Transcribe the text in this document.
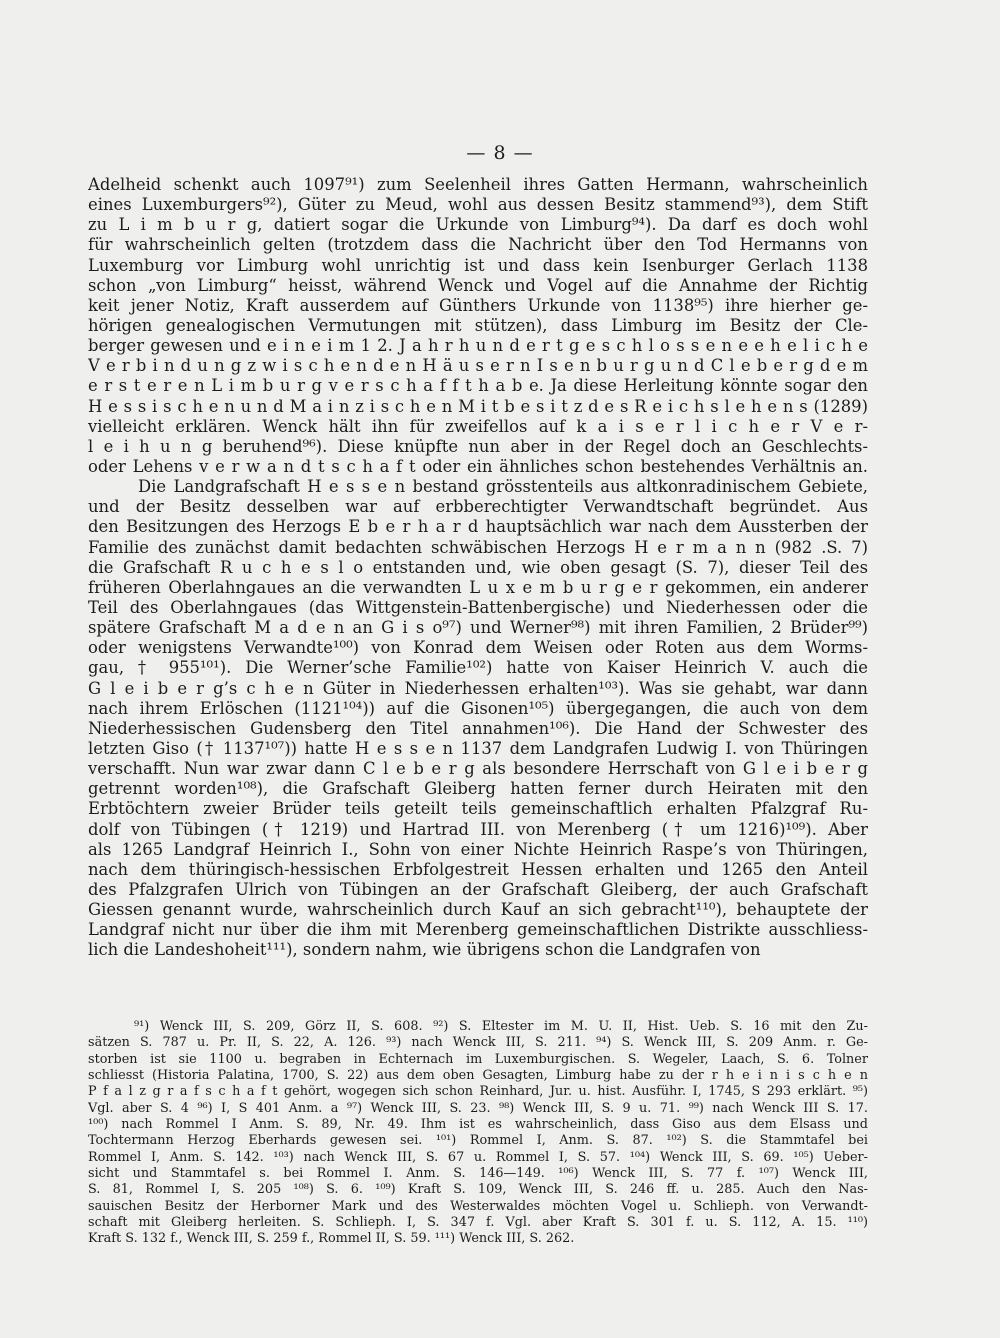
— 8 —
Adelheid schenkt auch 1097⁹¹) zum Seelenheil ihres Gatten Hermann, wahrscheinlich
eines Luxemburgers⁹²), Güter zu Meud, wohl aus dessen Besitz stammend⁹³), dem Stift
zu L i m b u r g, datiert sogar die Urkunde von Limburg⁹⁴). Da darf es doch wohl
für wahrscheinlich gelten (trotzdem dass die Nachricht über den Tod Hermanns von
Luxemburg vor Limburg wohl unrichtig ist und dass kein Isenburger Gerlach 1138
schon „von Limburg“ heisst, während Wenck und Vogel auf die Annahme der Richtig
keit jener Notiz, Kraft ausserdem auf Günthers Urkunde von 1138⁹⁵) ihre hierher ge-
hörigen genealogischen Vermutungen mit stützen), dass Limburg im Besitz der Cle-
berger gewesen und e i n e i m 1 2. J a h r h u n d e r t g e s c h l o s s e n e e h e l i c h e
V e r b i n d u n g z w i s c h e n d e n H ä u s e r n I s e n b u r g u n d C l e b e r g d e m
e r s t e r e n L i m b u r g v e r s c h a f f t h a b e. Ja diese Herleitung könnte sogar den
H e s s i s c h e n u n d M a i n z i s c h e n M i t b e s i t z d e s R e i c h s l e h e n s (1289)
vielleicht erklären. Wenck hält ihn für zweifellos auf k a i s e r l i c h e r V e r-
l e i h u n g beruhend⁹⁶). Diese knüpfte nun aber in der Regel doch an Geschlechts-
oder Lehens v e r w a n d t s c h a f t oder ein ähnliches schon bestehendes Verhältnis an.
Die Landgrafschaft H e s s e n bestand grösstenteils aus altkonradinischem Gebiete,
und der Besitz desselben war auf erbberechtigter Verwandtschaft begründet. Aus
den Besitzungen des Herzogs E b e r h a r d hauptsächlich war nach dem Aussterben der
Familie des zunächst damit bedachten schwäbischen Herzogs H e r m a n n (982 .S. 7)
die Grafschaft R u c h e s l o entstanden und, wie oben gesagt (S. 7), dieser Teil des
früheren Oberlahngaues an die verwandten L u x e m b u r g e r gekommen, ein anderer
Teil des Oberlahngaues (das Wittgenstein-Battenbergische) und Niederhessen oder die
spätere Grafschaft M a d e n an G i s o⁹⁷) und Werner⁹⁸) mit ihren Familien, 2 Brüder⁹⁹)
oder wenigstens Verwandte¹⁰⁰) von Konrad dem Weisen oder Roten aus dem Worms-
gau, † 955¹⁰¹). Die Werner’sche Familie¹⁰²) hatte von Kaiser Heinrich V. auch die
G l e i b e r g’s c h e n Güter in Niederhessen erhalten¹⁰³). Was sie gehabt, war dann
nach ihrem Erlöschen (1121¹⁰⁴)) auf die Gisonen¹⁰⁵) übergegangen, die auch von dem
Niederhessischen Gudensberg den Titel annahmen¹⁰⁶). Die Hand der Schwester des
letzten Giso († 1137¹⁰⁷)) hatte H e s s e n 1137 dem Landgrafen Ludwig I. von Thüringen
verschafft. Nun war zwar dann C l e b e r g als besondere Herrschaft von G l e i b e r g
getrennt worden¹⁰⁸), die Grafschaft Gleiberg hatten ferner durch Heiraten mit den
Erbtöchtern zweier Brüder teils geteilt teils gemeinschaftlich erhalten Pfalzgraf Ru-
dolf von Tübingen († 1219) und Hartrad III. von Merenberg († um 1216)¹⁰⁹). Aber
als 1265 Landgraf Heinrich I., Sohn von einer Nichte Heinrich Raspe’s von Thüringen,
nach dem thüringisch-hessischen Erbfolgestreit Hessen erhalten und 1265 den Anteil
des Pfalzgrafen Ulrich von Tübingen an der Grafschaft Gleiberg, der auch Grafschaft
Giessen genannt wurde, wahrscheinlich durch Kauf an sich gebracht¹¹⁰), behauptete der
Landgraf nicht nur über die ihm mit Merenberg gemeinschaftlichen Distrikte ausschliess-
lich die Landeshoheit¹¹¹), sondern nahm, wie übrigens schon die Landgrafen von
⁹¹) Wenck III, S. 209, Görz II, S. 608. ⁹²) S. Eltester im M. U. II, Hist. Ueb. S. 16 mit den Zu-
sätzen S. 787 u. Pr. II, S. 22, A. 126. ⁹³) nach Wenck III, S. 211. ⁹⁴) S. Wenck III, S. 209 Anm. r. Ge-
storben ist sie 1100 u. begraben in Echternach im Luxemburgischen. S. Wegeler, Laach, S. 6. Tolner
schliesst (Historia Palatina, 1700, S. 22) aus dem oben Gesagten, Limburg habe zu der r h e i n i s c h e n
P f a l z g r a f s c h a f t gehört, wogegen sich schon Reinhard, Jur. u. hist. Ausführ. I, 1745, S 293 erklärt. ⁹⁵)
Vgl. aber S. 4 ⁹⁶) I, S 401 Anm. a ⁹⁷) Wenck III, S. 23. ⁹⁸) Wenck III, S. 9 u. 71. ⁹⁹) nach Wenck III S. 17.
¹⁰⁰) nach Rommel I Anm. S. 89, Nr. 49. Ihm ist es wahrscheinlich, dass Giso aus dem Elsass und
Tochtermann Herzog Eberhards gewesen sei. ¹⁰¹) Rommel I, Anm. S. 87. ¹⁰²) S. die Stammtafel bei
Rommel I, Anm. S. 142. ¹⁰³) nach Wenck III, S. 67 u. Rommel I, S. 57. ¹⁰⁴) Wenck III, S. 69. ¹⁰⁵) Ueber-
sicht und Stammtafel s. bei Rommel I. Anm. S. 146—149. ¹⁰⁶) Wenck III, S. 77 f. ¹⁰⁷) Wenck III,
S. 81, Rommel I, S. 205 ¹⁰⁸) S. 6. ¹⁰⁹) Kraft S. 109, Wenck III, S. 246 ff. u. 285. Auch den Nas-
sauischen Besitz der Herborner Mark und des Westerwaldes möchten Vogel u. Schlieph. von Verwandt-
schaft mit Gleiberg herleiten. S. Schlieph. I, S. 347 f. Vgl. aber Kraft S. 301 f. u. S. 112, A. 15. ¹¹⁰)
Kraft S. 132 f., Wenck III, S. 259 f., Rommel II, S. 59. ¹¹¹) Wenck III, S. 262.
